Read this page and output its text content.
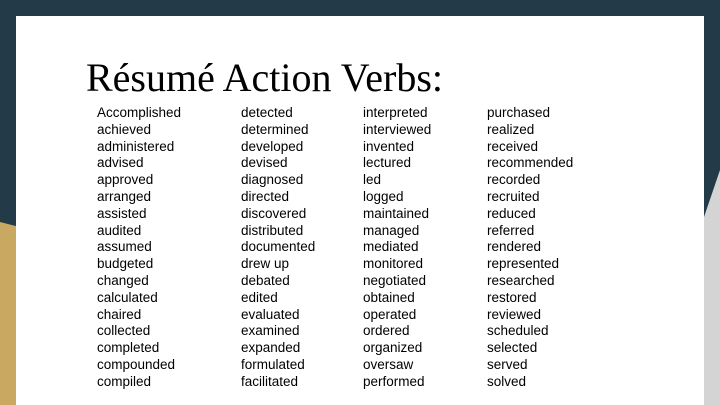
Résumé Action Verbs:
Accomplished
achieved
administered
advised
approved
arranged
assisted
audited
assumed
budgeted
changed
calculated
chaired
collected
completed
compounded
compiled
detected
determined
developed
devised
diagnosed
directed
discovered
distributed
documented
drew up
debated
edited
evaluated
examined
expanded
formulated
facilitated
interpreted
interviewed
invented
lectured
led
logged
maintained
managed
mediated
monitored
negotiated
obtained
operated
ordered
organized
oversaw
performed
purchased
realized
received
recommended
recorded
recruited
reduced
referred
rendered
represented
researched
restored
reviewed
scheduled
selected
served
solved
